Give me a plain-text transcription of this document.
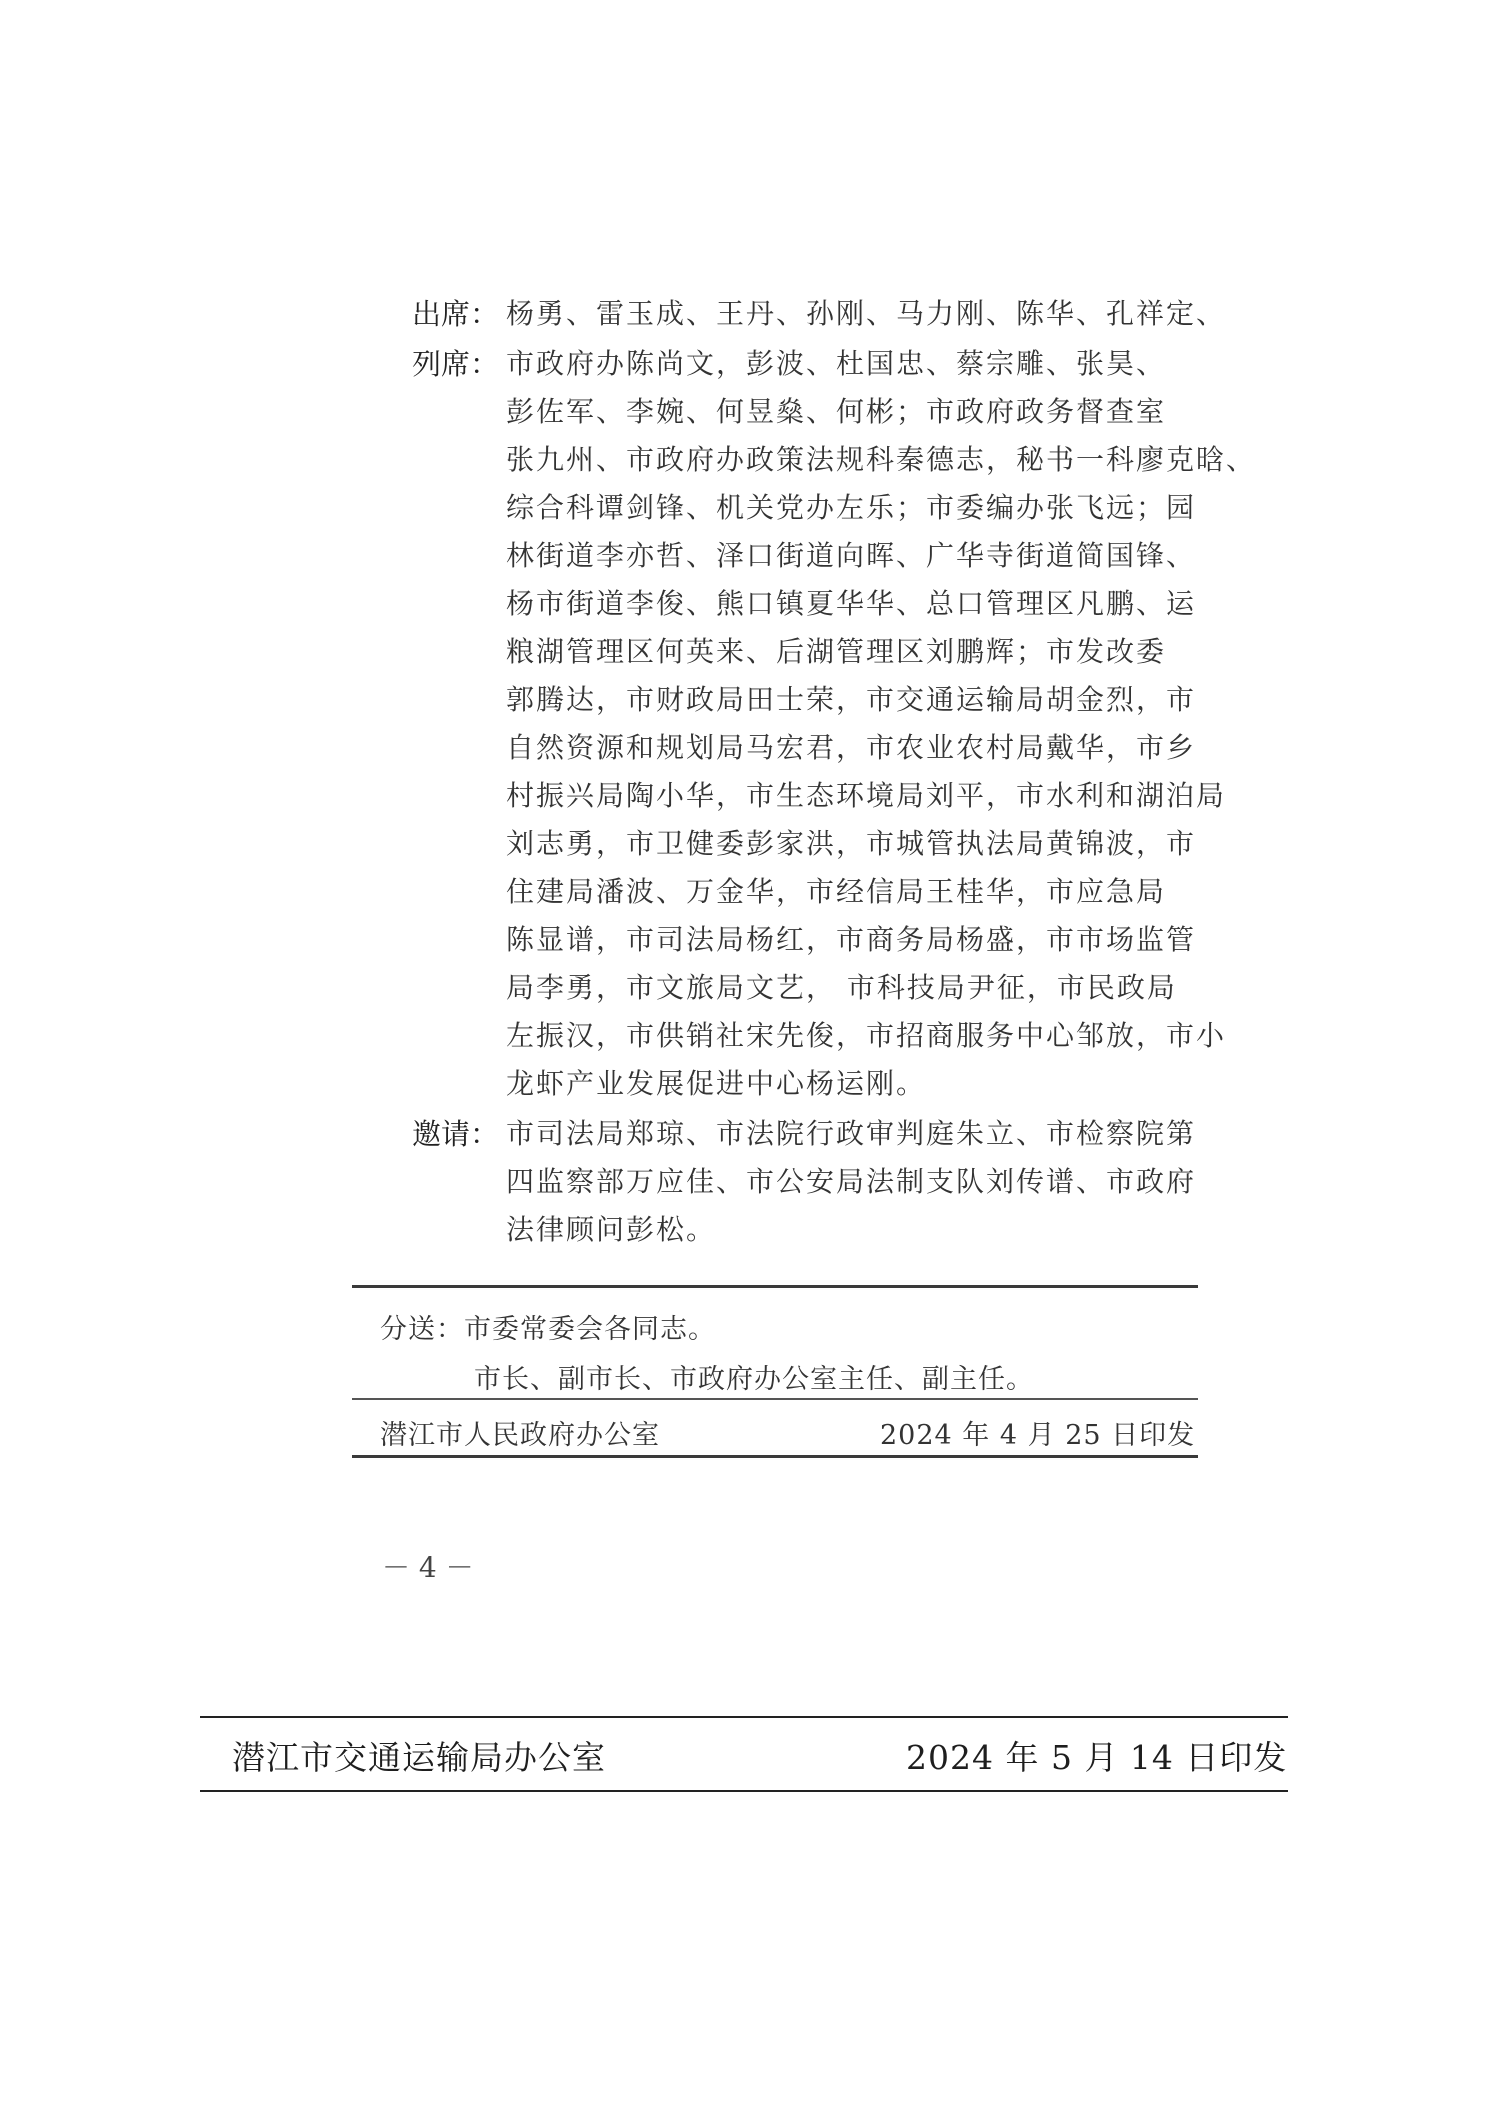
出席： 杨勇、雷玉成、王丹、孙刚、马力刚、陈华、孔祥定、
列席： 市政府办陈尚文，彭波、杜国忠、蔡宗雕、张昊、
彭佐军、李婉、何昱燊、何彬；市政府政务督查室
张九州、市政府办政策法规科秦德志，秘书一科廖克晗、
综合科谭剑锋、机关党办左乐；市委编办张飞远；园
林街道李亦哲、泽口街道向晖、广华寺街道简国锋、
杨市街道李俊、熊口镇夏华华、总口管理区凡鹏、运
粮湖管理区何英来、后湖管理区刘鹏辉；市发改委
郭腾达，市财政局田士荣，市交通运输局胡金烈，市
自然资源和规划局马宏君，市农业农村局戴华，市乡
村振兴局陶小华，市生态环境局刘平，市水利和湖泊局
刘志勇，市卫健委彭家洪，市城管执法局黄锦波，市
住建局潘波、万金华，市经信局王桂华，市应急局
陈显谱，市司法局杨红，市商务局杨盛，市市场监管
局李勇，市文旅局文艺， 市科技局尹征，市民政局
左振汉，市供销社宋先俊，市招商服务中心邹放，市小
龙虾产业发展促进中心杨运刚。
邀请： 市司法局郑琼、市法院行政审判庭朱立、市检察院第
四监察部万应佳、市公安局法制支队刘传谱、市政府
法律顾问彭松。
分送：市委常委会各同志。
市长、副市长、市政府办公室主任、副主任。
潜江市人民政府办公室	2024 年 4 月 25 日印发
－ 4 －
潜江市交通运输局办公室	2024 年 5 月 14 日印发
